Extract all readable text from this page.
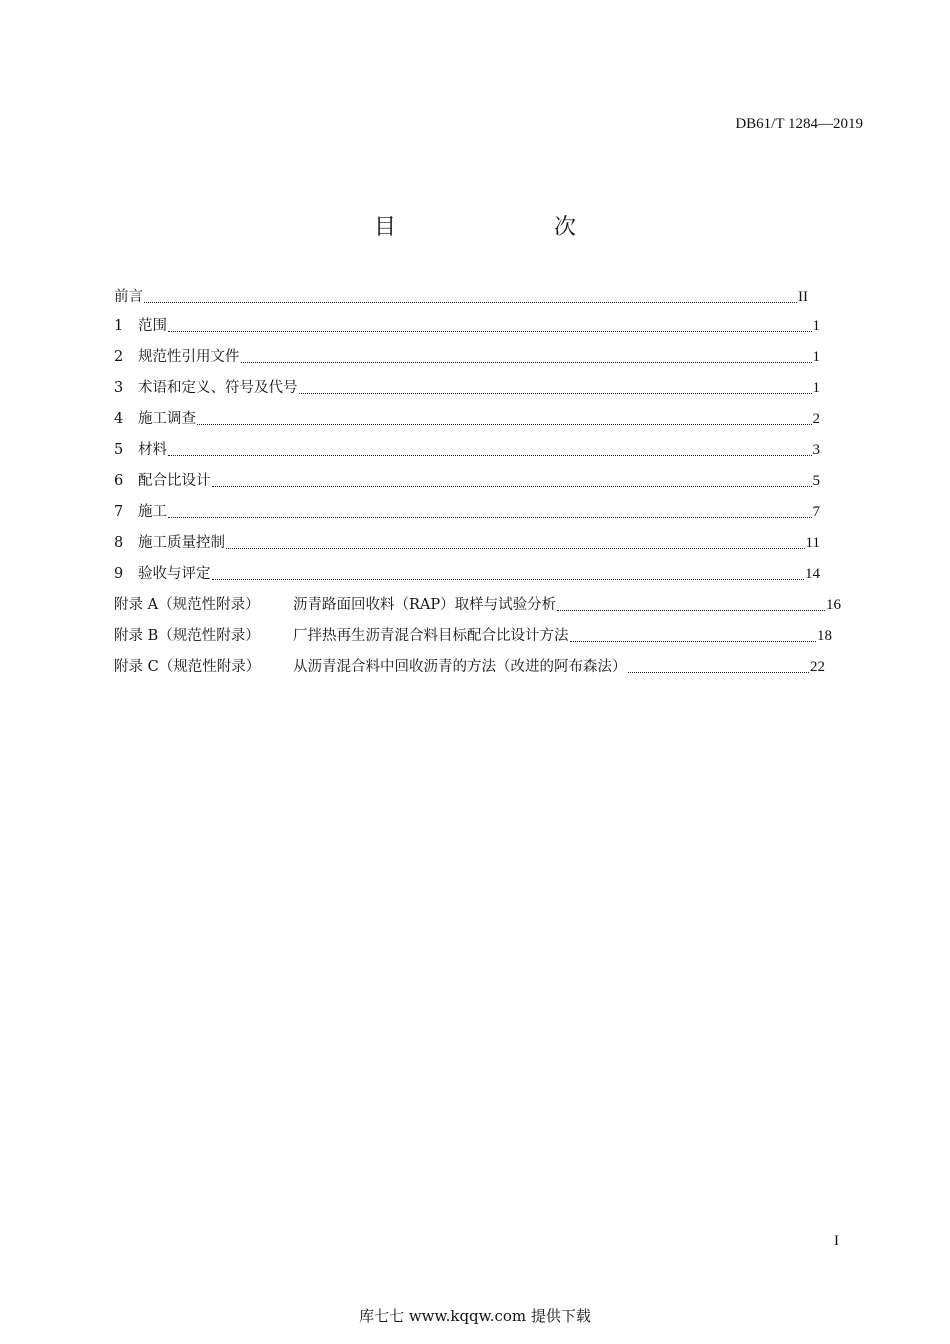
DB61/T 1284—2019
目　　次
前言	II
1	范围	1
2	规范性引用文件	1
3	术语和定义、符号及代号	1
4	施工调查	2
5	材料	3
6	配合比设计	5
7	施工	7
8	施工质量控制	11
9	验收与评定	14
附录 A（规范性附录）	沥青路面回收料（RAP）取样与试验分析	16
附录 B（规范性附录）	厂拌热再生沥青混合料目标配合比设计方法	18
附录 C（规范性附录）	从沥青混合料中回收沥青的方法（改进的阿布森法）	22
I
库七七 www.kqqw.com 提供下载
